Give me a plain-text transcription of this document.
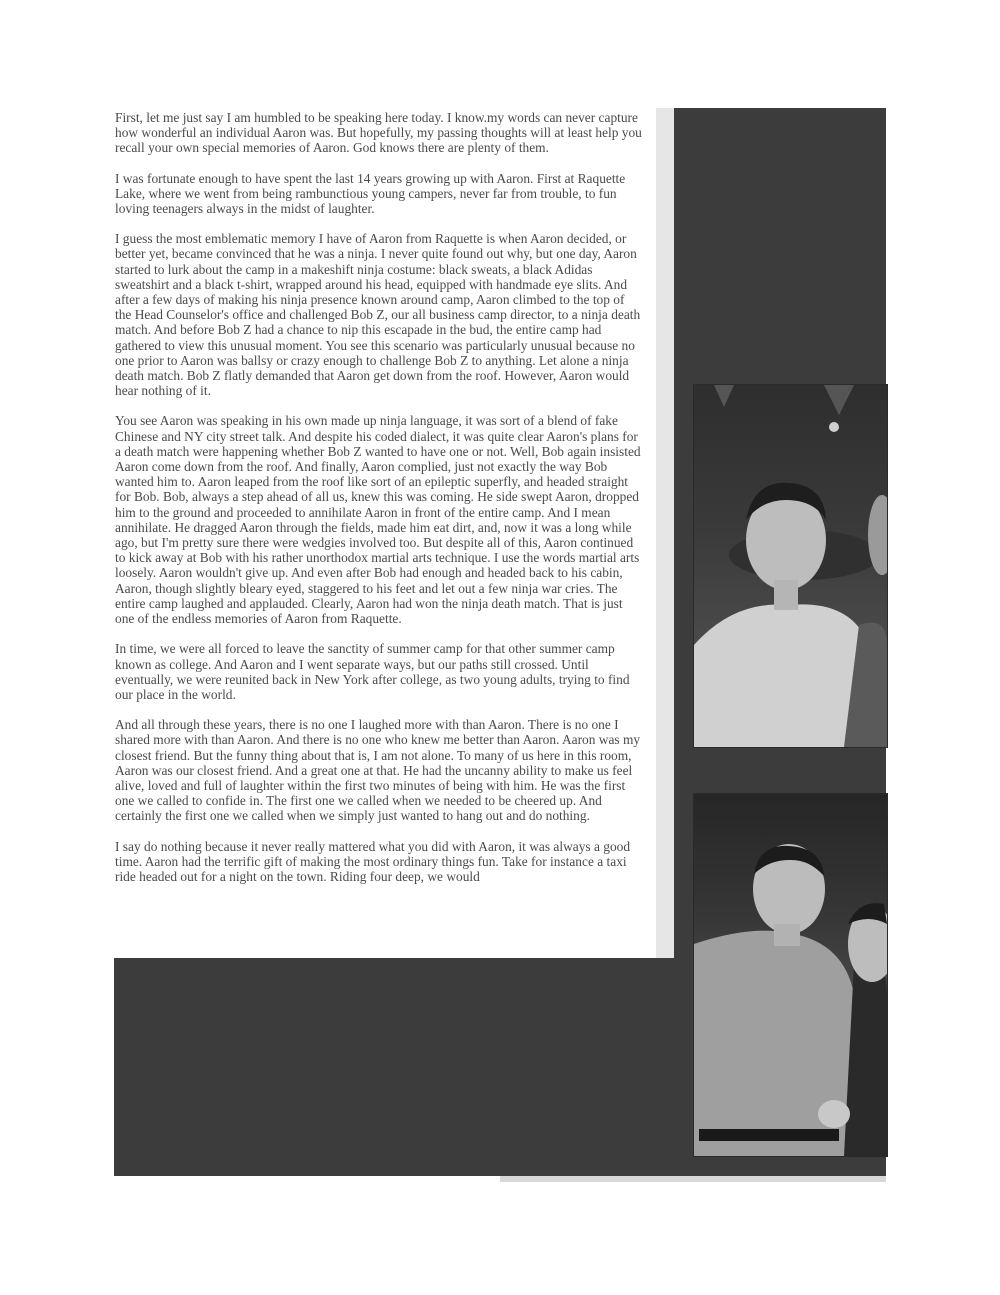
First, let me just say I am humbled to be speaking here today. I know.my words can never capture how wonderful an individual Aaron was. But hopefully, my passing thoughts will at least help you recall your own special memories of Aaron. God knows there are plenty of them.

I was fortunate enough to have spent the last 14 years growing up with Aaron. First at Raquette Lake, where we went from being rambunctious young campers, never far from trouble, to fun loving teenagers always in the midst of laughter.

I guess the most emblematic memory I have of Aaron from Raquette is when Aaron decided, or better yet, became convinced that he was a ninja. I never quite found out why, but one day, Aaron started to lurk about the camp in a makeshift ninja costume: black sweats, a black Adidas sweatshirt and a black t-shirt, wrapped around his head, equipped with handmade eye slits. And after a few days of making his ninja presence known around camp, Aaron climbed to the top of the Head Counselor's office and challenged Bob Z, our all business camp director, to a ninja death match. And before Bob Z had a chance to nip this escapade in the bud, the entire camp had gathered to view this unusual moment. You see this scenario was particularly unusual because no one prior to Aaron was ballsy or crazy enough to challenge Bob Z to anything. Let alone a ninja death match. Bob Z flatly demanded that Aaron get down from the roof. However, Aaron would hear nothing of it.

You see Aaron was speaking in his own made up ninja language, it was sort of a blend of fake Chinese and NY city street talk. And despite his coded dialect, it was quite clear Aaron's plans for a death match were happening whether Bob Z wanted to have one or not. Well, Bob again insisted Aaron come down from the roof. And finally, Aaron complied, just not exactly the way Bob wanted him to. Aaron leaped from the roof like sort of an epileptic superfly, and headed straight for Bob. Bob, always a step ahead of all us, knew this was coming. He side swept Aaron, dropped him to the ground and proceeded to annihilate Aaron in front of the entire camp. And I mean annihilate. He dragged Aaron through the fields, made him eat dirt, and, now it was a long while ago, but I'm pretty sure there were wedgies involved too. But despite all of this, Aaron continued to kick away at Bob with his rather unorthodox martial arts technique. I use the words martial arts loosely. Aaron wouldn't give up. And even after Bob had enough and headed back to his cabin, Aaron, though slightly bleary eyed, staggered to his feet and let out a few ninja war cries. The entire camp laughed and applauded. Clearly, Aaron had won the ninja death match. That is just one of the endless memories of Aaron from Raquette.

In time, we were all forced to leave the sanctity of summer camp for that other summer camp known as college. And Aaron and I went separate ways, but our paths still crossed. Until eventually, we were reunited back in New York after college, as two young adults, trying to find our place in the world.

And all through these years, there is no one I laughed more with than Aaron. There is no one I shared more with than Aaron. And there is no one who knew me better than Aaron. Aaron was my closest friend. But the funny thing about that is, I am not alone. To many of us here in this room, Aaron was our closest friend. And a great one at that. He had the uncanny ability to make us feel alive, loved and full of laughter within the first two minutes of being with him. He was the first one we called to confide in. The first one we called when we needed to be cheered up. And certainly the first one we called when we simply just wanted to hang out and do nothing.

I say do nothing because it never really mattered what you did with Aaron, it was always a good time. Aaron had the terrific gift of making the most ordinary things fun. Take for instance a taxi ride headed out for a night on the town. Riding four deep, we would
